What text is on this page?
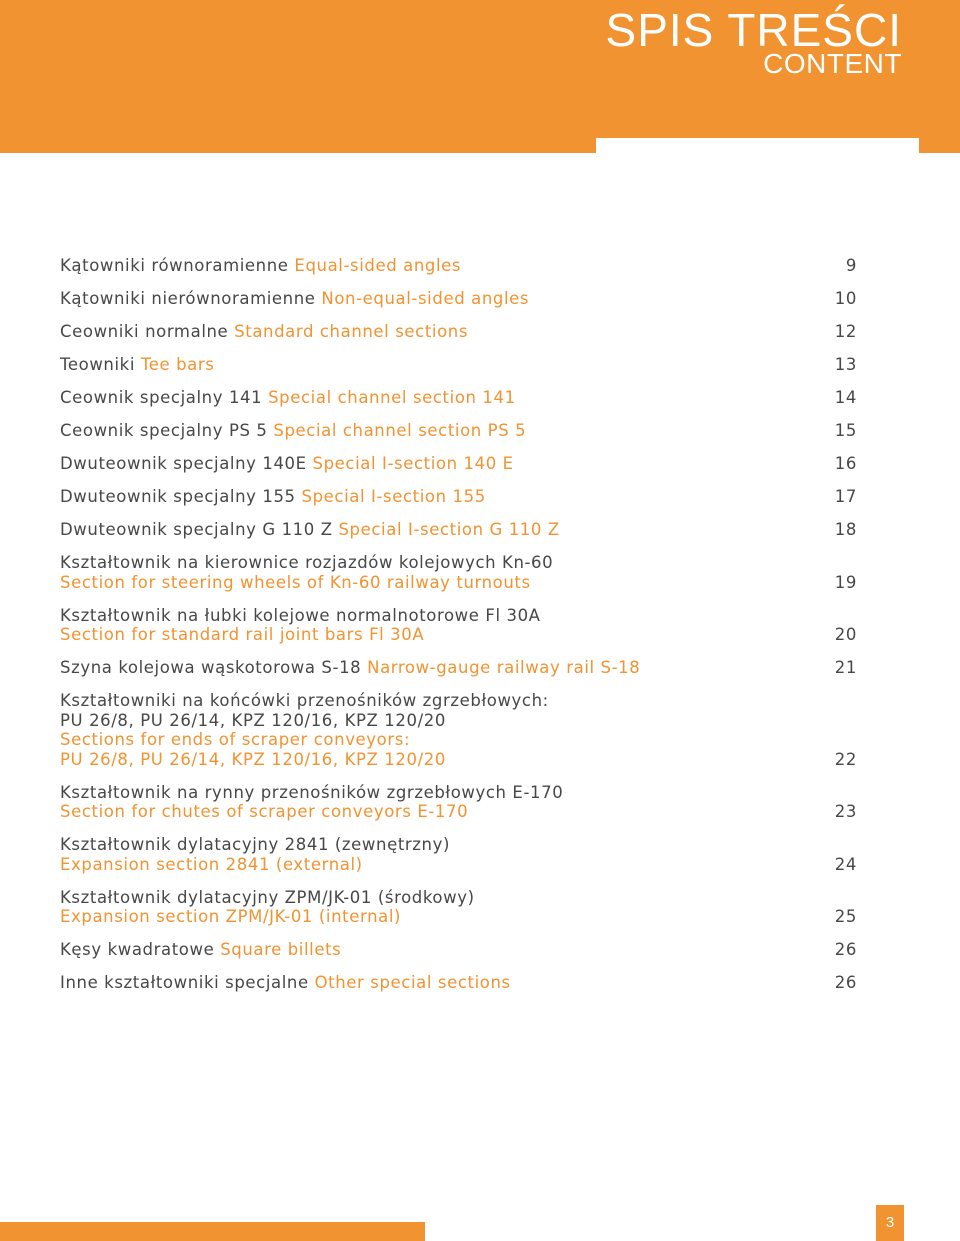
SPIS TREŚCI
CONTENT
Kątowniki równoramienne Equal-sided angles	9
Kątowniki nierównoramienne Non-equal-sided angles	10
Ceowniki normalne Standard channel sections	12
Teowniki Tee bars	13
Ceownik specjalny 141 Special channel section 141	14
Ceownik specjalny PS 5 Special channel section PS 5	15
Dwuteownik specjalny 140E Special I-section 140 E	16
Dwuteownik specjalny 155 Special I-section 155	17
Dwuteownik specjalny G 110 Z Special I-section G 110 Z	18
Kształtownik na kierownice rozjazdów kolejowych Kn-60
Section for steering wheels of Kn-60 railway turnouts	19
Kształtownik na łubki kolejowe normalnotorowe Fl 30A
Section for standard rail joint bars Fl 30A	20
Szyna kolejowa wąskotorowa S-18 Narrow-gauge railway rail S-18	21
Kształtowniki na końcówki przenośników zgrzebłowych:
PU 26/8, PU 26/14, KPZ 120/16, KPZ 120/20
Sections for ends of scraper conveyors:
PU 26/8, PU 26/14, KPZ 120/16, KPZ 120/20	22
Kształtownik na rynny przenośników zgrzebłowych E-170
Section for chutes of scraper conveyors E-170	23
Kształtownik dylatacyjny 2841 (zewnętrzny)
Expansion section 2841 (external)	24
Kształtownik dylatacyjny ZPM/JK-01 (środkowy)
Expansion section ZPM/JK-01 (internal)	25
Kęsy kwadratowe Square billets	26
Inne kształtowniki specjalne Other special sections	26
3
